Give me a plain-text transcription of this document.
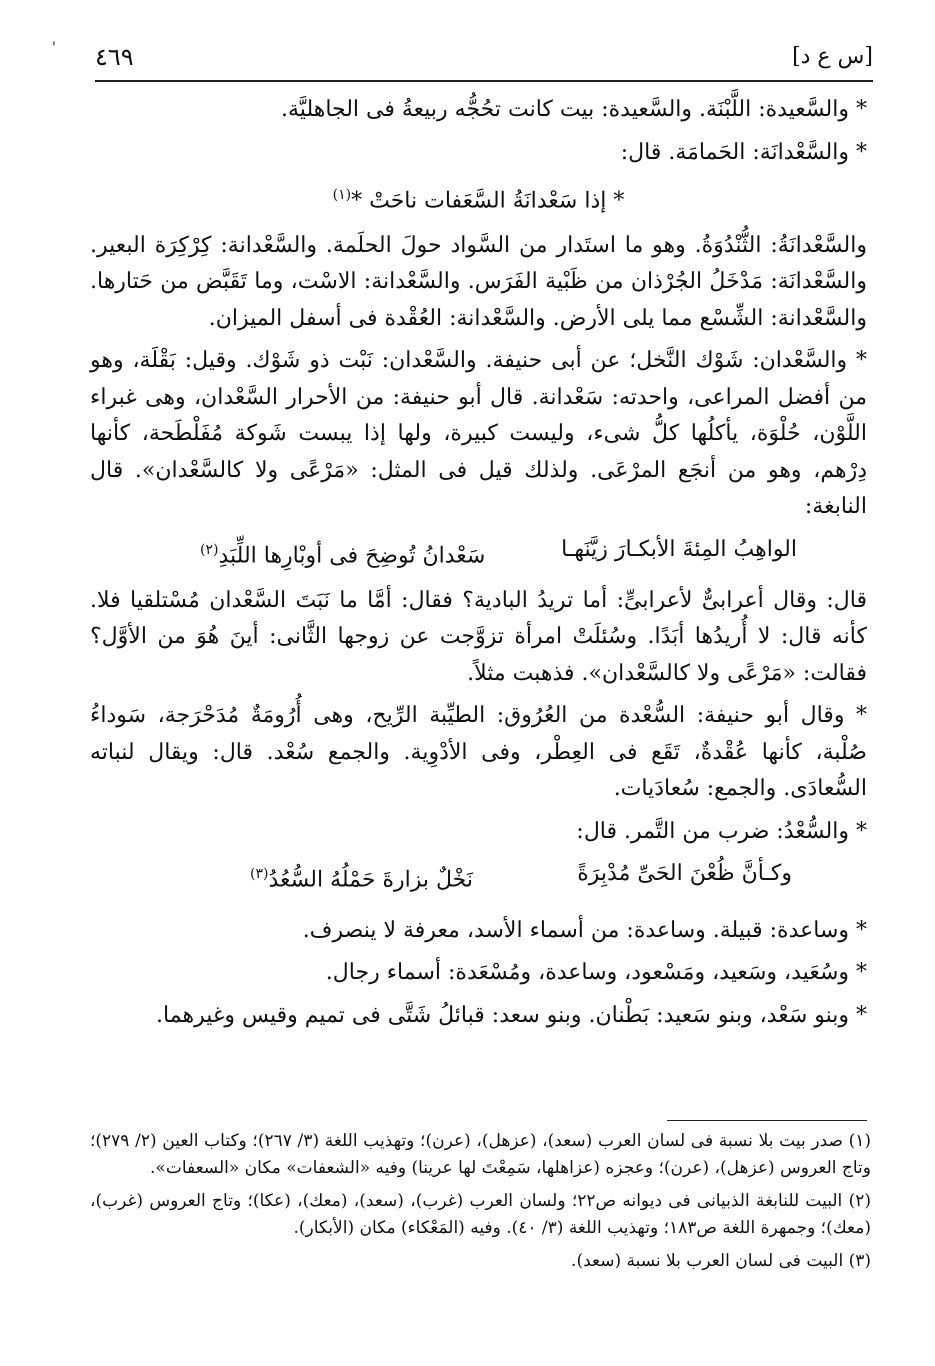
'	[س ع د]
٤٦٩
* والسَّعيدة: اللَّبْنَة. والسَّعيدة: بيت كانت تحُجُّه ربيعةُ فى الجاهليَّة.
* والسَّعْدانَة: الحَمامَة. قال:
* إذا سَعْدانَةُ السَّعَفات ناحَتْ *$^{(١)}$
والسَّعْدانَةُ: الثُّنْدُوَةُ. وهو ما استَدار من السَّواد حولَ الحلَمة. والسَّعْدانة: كِرْكِرَة البعير. والسَّعْدانَة: مَدْخَلُ الجُرْذان من ظَبْية الفَرَس. والسَّعْدانة: الاسْت، وما تَقَبَّض من حَتارها. والسَّعْدانة: الشِّسْع مما يلى الأرض. والسَّعْدانة: العُقْدة فى أسفل الميزان.
* والسَّعْدان: شَوْك النَّخل؛ عن أبى حنيفة. والسَّعْدان: نَبْت ذو شَوْك. وقيل: بَقْلَة، وهو من أفضل المراعى، واحدته: سَعْدانة. قال أبو حنيفة: من الأحرار السَّعْدان، وهى غبراء اللَّوْن، حُلْوَة، يأكلُها كلُّ شىء، وليست كبيرة، ولها إذا يبست شَوكة مُفَلْطَحة، كأنها دِرْهم، وهو من أنجَع المرْعَى. ولذلك قيل فى المثل: «مَرْعًى ولا كالسَّعْدان». قال النابغة:
الواهِبُ المِئةَ الأبكـارَ زيَّنَهـا
سَعْدانُ تُوضِحَ فى أوبْارِها اللِّبَدِ$^{(٢)}$
قال: وقال أعرابىٌّ لأعرابىٍّ: أما تريدُ البادية؟ فقال: أمَّا ما نَبَتَ السَّعْدان مُسْتلقيا فلا. كأنه قال: لا أُريدُها أبَدًا. وسُئلَتْ امرأة تزوَّجت عن زوجها الثَّانى: أينَ هُوَ من الأوَّل؟ فقالت: «مَرْعًى ولا كالسَّعْدان». فذهبت مثلاً.
* وقال أبو حنيفة: السُّعْدة من العُرُوق: الطيِّبة الرِّيح، وهى أُرُومَةٌ مُدَحْرَجة، سَوداءُ صُلْبة، كأنها عُقْدةٌ، تَقَع فى العِطْر، وفى الأدْوِية. والجمع سُعْد. قال: ويقال لنباته السُّعادَى. والجمع: سُعادَيات.
* والسُّعْدُ: ضرب من التَّمر. قال:
وكـأنَّ ظُعْنَ الحَىِّ مُدْبِرَةً
نَخْلٌ بزارةَ حَمْلُهُ السُّعُدُ$^{(٣)}$
* وساعدة: قبيلة. وساعدة: من أسماء الأسد، معرفة لا ينصرف.
* وسُعَيد، وسَعيد، ومَسْعود، وساعدة، ومُسْعَدة: أسماء رجال.
* وبنو سَعْد، وبنو سَعيد: بَطْنان. وبنو سعد: قبائلُ شَتَّى فى تميم وقيس وغيرهما.
(١) صدر بيت بلا نسبة فى لسان العرب (سعد)، (عزهل)، (عرن)؛ وتهذيب اللغة (٣/ ٢٦٧)؛ وكتاب العين (٢/ ٢٧٩)؛ وتاج العروس (عزهل)، (عرن)؛ وعجزه (عزاهلها، سَمِعْتَ لها عرينا) وفيه «الشعفات» مكان «السعفات».
(٢) البيت للنابغة الذبيانى فى ديوانه ص٢٢؛ ولسان العرب (غرب)، (سعد)، (معك)، (عكا)؛ وتاج العروس (غرب)، (معك)؛ وجمهرة اللغة ص١٨٣؛ وتهذيب اللغة (٣/ ٤٠). وفيه (المَعْكاء) مكان (الأبكار).
(٣) البيت فى لسان العرب بلا نسبة (سعد).
